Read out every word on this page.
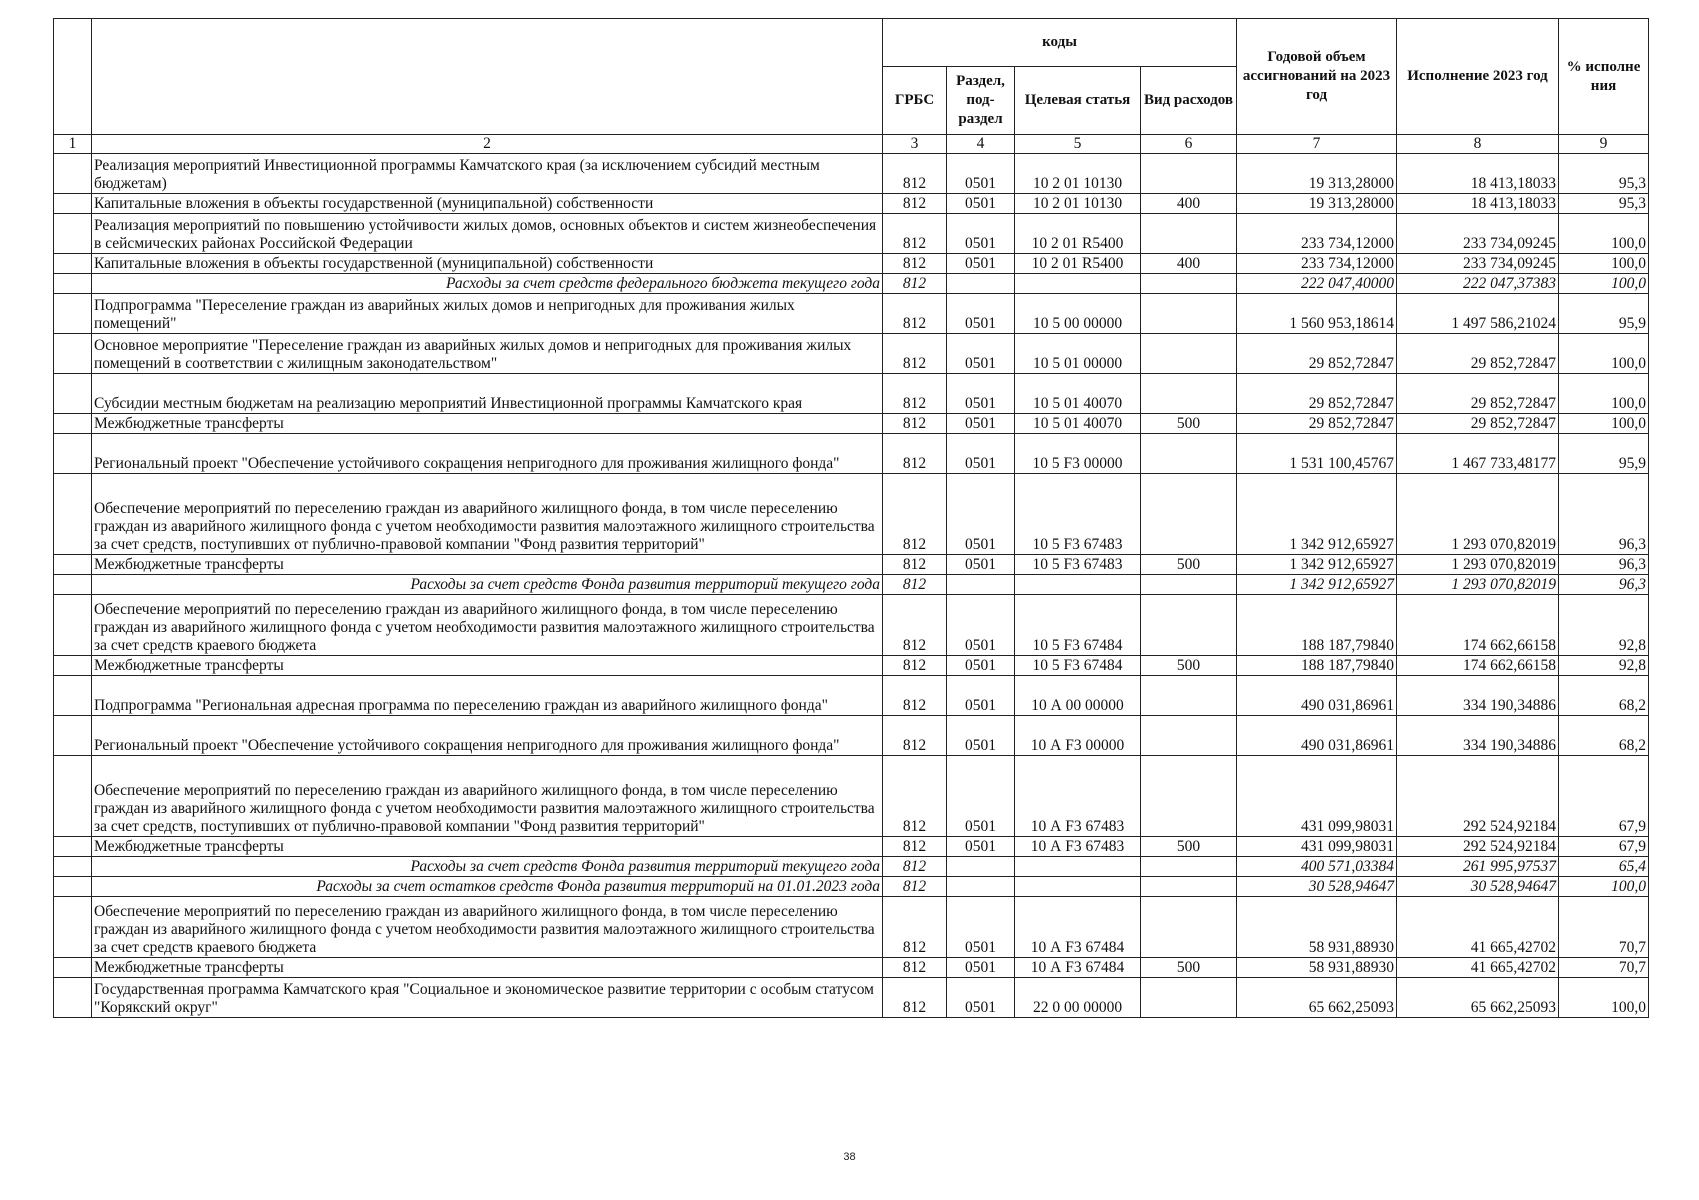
		коды				Годовой объем ассигнований на 2023 год	Исполнение 2023 год	% исполне ния
		ГРБС	Раздел, под-раздел	Целевая статья	Вид расходов			
1	2	3	4	5	6	7	8	9
	Реализация мероприятий Инвестиционной программы Камчатского края (за исключением субсидий местным бюджетам)	812	0501	10 2 01 10130		19 313,28000	18 413,18033	95,3
	Капитальные вложения в объекты государственной (муниципальной) собственности	812	0501	10 2 01 10130	400	19 313,28000	18 413,18033	95,3
	Реализация мероприятий по повышению устойчивости жилых домов, основных объектов и систем жизнеобеспечения в сейсмических районах Российской Федерации	812	0501	10 2 01 R5400		233 734,12000	233 734,09245	100,0
	Капитальные вложения в объекты государственной (муниципальной) собственности	812	0501	10 2 01 R5400	400	233 734,12000	233 734,09245	100,0
	Расходы за счет средств федерального бюджета текущего года	812				222 047,40000	222 047,37383	100,0
	Подпрограмма "Переселение граждан из аварийных жилых домов и непригодных для проживания жилых помещений"	812	0501	10 5 00 00000		1 560 953,18614	1 497 586,21024	95,9
	Основное мероприятие "Переселение граждан из аварийных жилых домов и непригодных для проживания жилых помещений в соответствии с жилищным законодательством"	812	0501	10 5 01 00000		29 852,72847	29 852,72847	100,0
	Субсидии местным бюджетам на реализацию мероприятий Инвестиционной программы Камчатского края	812	0501	10 5 01 40070		29 852,72847	29 852,72847	100,0
	Межбюджетные трансферты	812	0501	10 5 01 40070	500	29 852,72847	29 852,72847	100,0
	Региональный проект "Обеспечение устойчивого сокращения непригодного для проживания жилищного фонда"	812	0501	10 5 F3 00000		1 531 100,45767	1 467 733,48177	95,9
	Обеспечение мероприятий по переселению граждан из аварийного жилищного фонда, в том числе переселению граждан из аварийного жилищного фонда с учетом необходимости развития малоэтажного жилищного строительства за счет средств, поступивших от публично-правовой компании "Фонд развития территорий"	812	0501	10 5 F3 67483		1 342 912,65927	1 293 070,82019	96,3
	Межбюджетные трансферты	812	0501	10 5 F3 67483	500	1 342 912,65927	1 293 070,82019	96,3
	Расходы за счет средств Фонда развития территорий текущего года	812				1 342 912,65927	1 293 070,82019	96,3
	Обеспечение мероприятий по переселению граждан из аварийного жилищного фонда, в том числе переселению граждан из аварийного жилищного фонда с учетом необходимости развития малоэтажного жилищного строительства за счет средств краевого бюджета	812	0501	10 5 F3 67484		188 187,79840	174 662,66158	92,8
	Межбюджетные трансферты	812	0501	10 5 F3 67484	500	188 187,79840	174 662,66158	92,8
	Подпрограмма "Региональная адресная программа по переселению граждан из аварийного жилищного фонда"	812	0501	10 А 00 00000		490 031,86961	334 190,34886	68,2
	Региональный проект "Обеспечение устойчивого сокращения непригодного для проживания жилищного фонда"	812	0501	10 А F3 00000		490 031,86961	334 190,34886	68,2
	Обеспечение мероприятий по переселению граждан из аварийного жилищного фонда, в том числе переселению граждан из аварийного жилищного фонда с учетом необходимости развития малоэтажного жилищного строительства за счет средств, поступивших от публично-правовой компании "Фонд развития территорий"	812	0501	10 А F3 67483		431 099,98031	292 524,92184	67,9
	Межбюджетные трансферты	812	0501	10 А F3 67483	500	431 099,98031	292 524,92184	67,9
	Расходы за счет средств Фонда развития территорий текущего года	812				400 571,03384	261 995,97537	65,4
	Расходы за счет остатков средств Фонда развития территорий на 01.01.2023 года	812				30 528,94647	30 528,94647	100,0
	Обеспечение мероприятий по переселению граждан из аварийного жилищного фонда, в том числе переселению граждан из аварийного жилищного фонда с учетом необходимости развития малоэтажного жилищного строительства за счет средств краевого бюджета	812	0501	10 А F3 67484		58 931,88930	41 665,42702	70,7
	Межбюджетные трансферты	812	0501	10 А F3 67484	500	58 931,88930	41 665,42702	70,7
	Государственная программа Камчатского края "Социальное и экономическое развитие территории с особым статусом "Корякский округ"	812	0501	22 0 00 00000		65 662,25093	65 662,25093	100,0
38
